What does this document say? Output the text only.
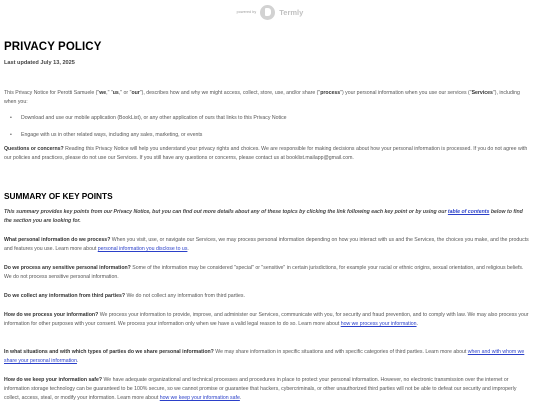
powered by	Termly
PRIVACY POLICY
Last updated July 13, 2025

This Privacy Notice for Perotti Samuele ("we," "us," or "our"), describes how and why we might access, collect, store, use, and/or share ("process") your personal information when you use our services ("Services"), including when you:

• Download and use our mobile application (BookList), or any other application of ours that links to this Privacy Notice
• Engage with us in other related ways, including any sales, marketing, or events

Questions or concerns? Reading this Privacy Notice will help you understand your privacy rights and choices. We are responsible for making decisions about how your personal information is processed. If you do not agree with our policies and practices, please do not use our Services. If you still have any questions or concerns, please contact us at booklist.mailapp@gmail.com.

SUMMARY OF KEY POINTS

This summary provides key points from our Privacy Notice, but you can find out more details about any of these topics by clicking the link following each key point or by using our table of contents below to find the section you are looking for.

What personal information do we process? When you visit, use, or navigate our Services, we may process personal information depending on how you interact with us and the Services, the choices you make, and the products and features you use. Learn more about personal information you disclose to us.

Do we process any sensitive personal information? Some of the information may be considered "special" or "sensitive" in certain jurisdictions, for example your racial or ethnic origins, sexual orientation, and religious beliefs. We do not process sensitive personal information.

Do we collect any information from third parties? We do not collect any information from third parties.

How do we process your information? We process your information to provide, improve, and administer our Services, communicate with you, for security and fraud prevention, and to comply with law. We may also process your information for other purposes with your consent. We process your information only when we have a valid legal reason to do so. Learn more about how we process your information.

In what situations and with which types of parties do we share personal information? We may share information in specific situations and with specific categories of third parties. Learn more about when and with whom we share your personal information.

How do we keep your information safe? We have adequate organizational and technical processes and procedures in place to protect your personal information. However, no electronic transmission over the internet or information storage technology can be guaranteed to be 100% secure, so we cannot promise or guarantee that hackers, cybercriminals, or other unauthorized third parties will not be able to defeat our security and improperly collect, access, steal, or modify your information. Learn more about how we keep your information safe.
